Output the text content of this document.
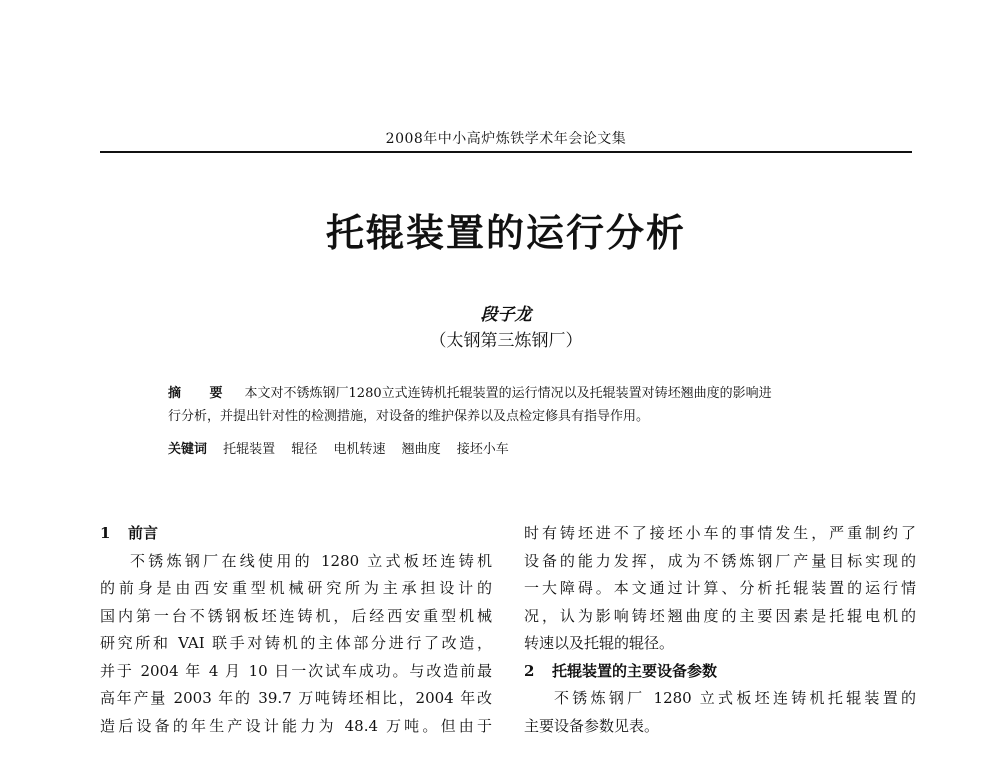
2008年中小高炉炼铁学术年会论文集
托辊装置的运行分析
段子龙
（太钢第三炼钢厂）
摘 要 本文对不锈炼钢厂1280立式连铸机托辊装置的运行情况以及托辊装置对铸坯翘曲度的影响进
行分析，并提出针对性的检测措施，对设备的维护保养以及点检定修具有指导作用。
关键词 托辊装置 辊径 电机转速 翘曲度 接坯小车
1 前言
不锈炼钢厂在线使用的 1280 立式板坯连铸机
的前身是由西安重型机械研究所为主承担设计的
国内第一台不锈钢板坯连铸机，后经西安重型机械
研究所和 VAI 联手对铸机的主体部分进行了改造，
并于 2004 年 4 月 10 日一次试车成功。与改造前最
高年产量 2003 年的 39.7 万吨铸坯相比，2004 年改
造后设备的年生产设计能力为 48.4 万吨。但由于
时有铸坯进不了接坯小车的事情发生，严重制约了
设备的能力发挥，成为不锈炼钢厂产量目标实现的
一大障碍。本文通过计算、分析托辊装置的运行情
况，认为影响铸坯翘曲度的主要因素是托辊电机的
转速以及托辊的辊径。
2 托辊装置的主要设备参数
不锈炼钢厂 1280 立式板坯连铸机托辊装置的
主要设备参数见表。
